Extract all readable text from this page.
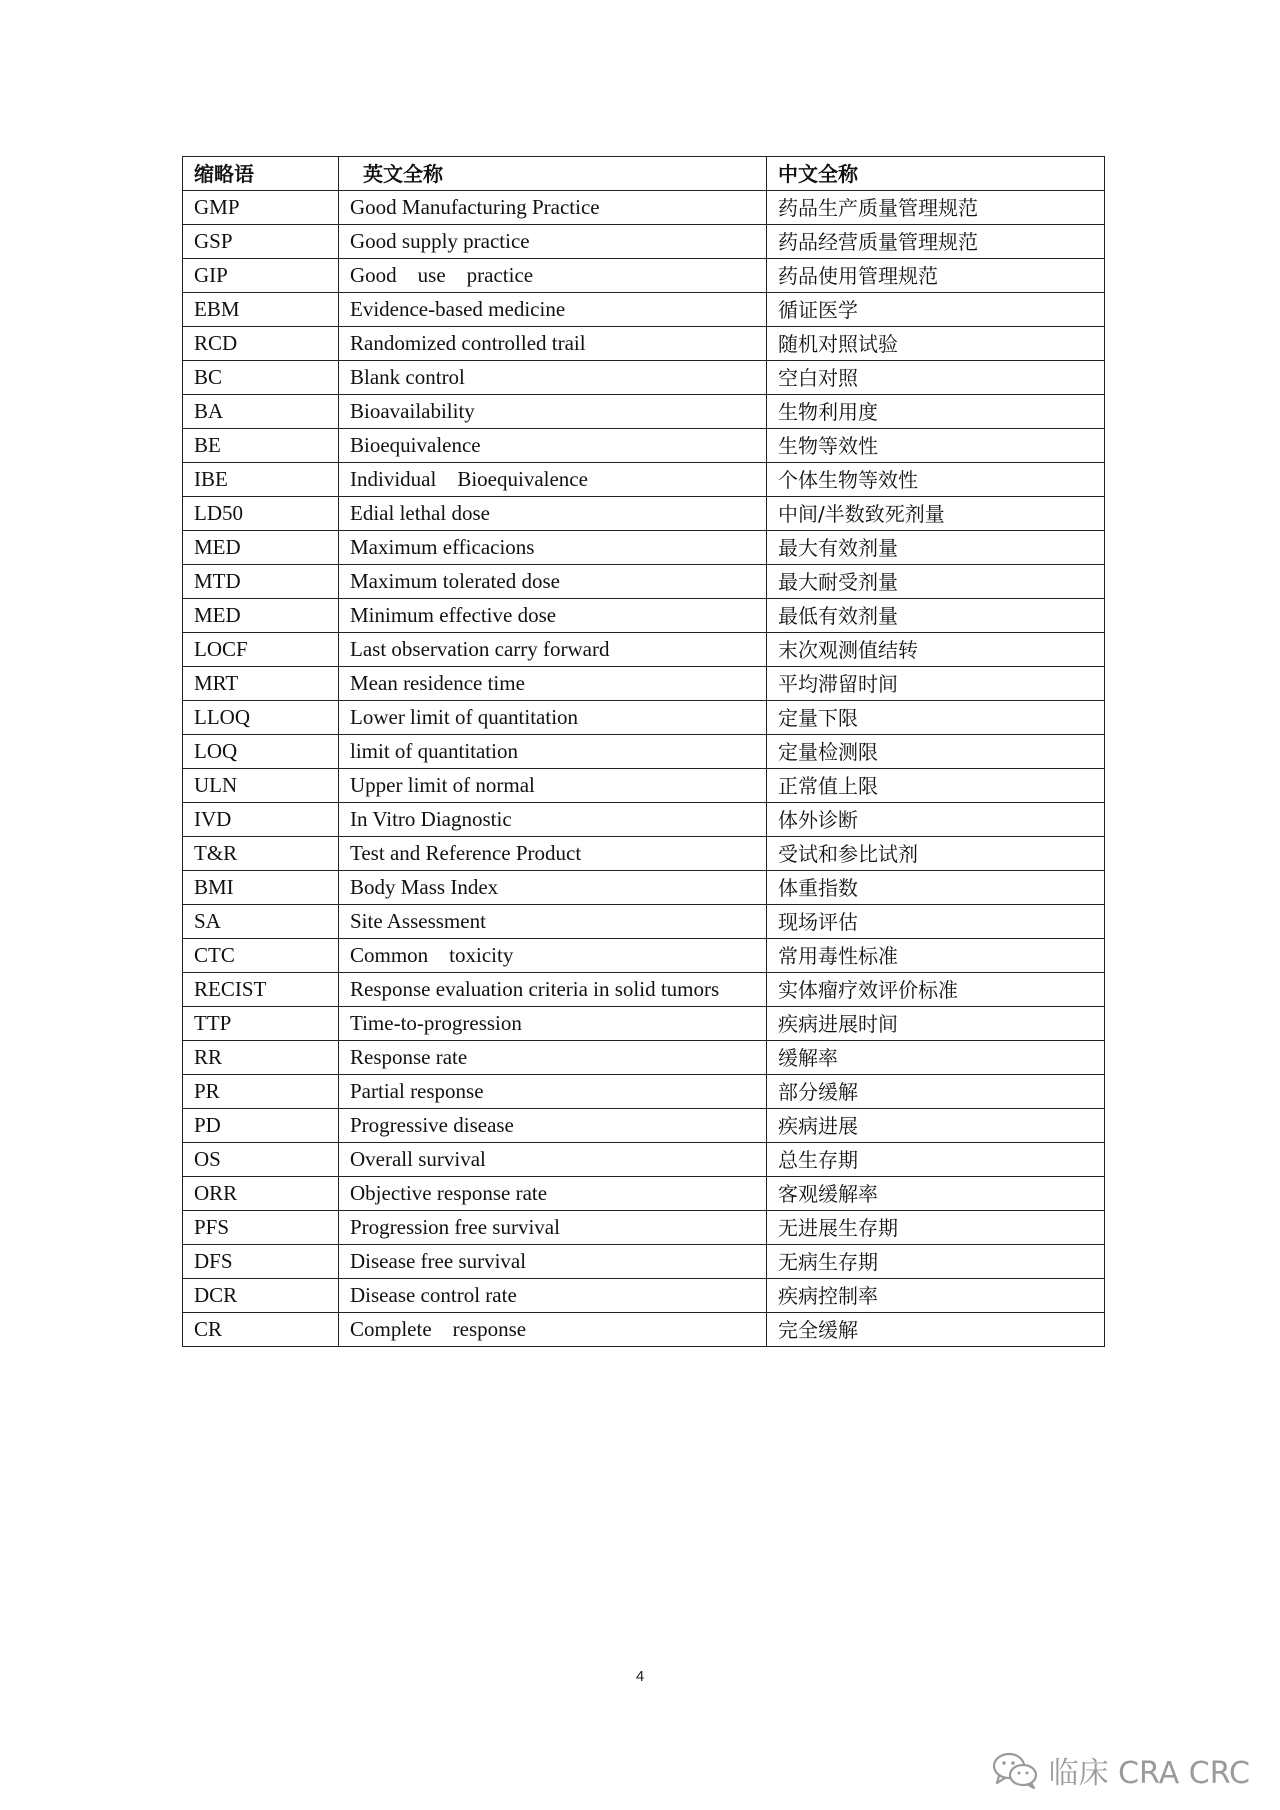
缩略语	英文全称	中文全称
GMP	Good Manufacturing Practice	药品生产质量管理规范
GSP	Good supply practice	药品经营质量管理规范
GIP	Good    use    practice	药品使用管理规范
EBM	Evidence-based medicine	循证医学
RCD	Randomized controlled trail	随机对照试验
BC	Blank control	空白对照
BA	Bioavailability	生物利用度
BE	Bioequivalence	生物等效性
IBE	Individual    Bioequivalence	个体生物等效性
LD50	Edial lethal dose	中间/半数致死剂量
MED	Maximum efficacions	最大有效剂量
MTD	Maximum tolerated dose	最大耐受剂量
MED	Minimum effective dose	最低有效剂量
LOCF	Last observation carry forward	末次观测值结转
MRT	Mean residence time	平均滞留时间
LLOQ	Lower limit of quantitation	定量下限
LOQ	limit of quantitation	定量检测限
ULN	Upper limit of normal	正常值上限
IVD	In Vitro Diagnostic	体外诊断
T&R	Test and Reference Product	受试和参比试剂
BMI	Body Mass Index	体重指数
SA	Site Assessment	现场评估
CTC	Common    toxicity	常用毒性标准
RECIST	Response evaluation criteria in solid tumors	实体瘤疗效评价标准
TTP	Time-to-progression	疾病进展时间
RR	Response rate	缓解率
PR	Partial response	部分缓解
PD	Progressive disease	疾病进展
OS	Overall survival	总生存期
ORR	Objective response rate	客观缓解率
PFS	Progression free survival	无进展生存期
DFS	Disease free survival	无病生存期
DCR	Disease control rate	疾病控制率
CR	Complete    response	完全缓解
4
临床 CRA CRC
